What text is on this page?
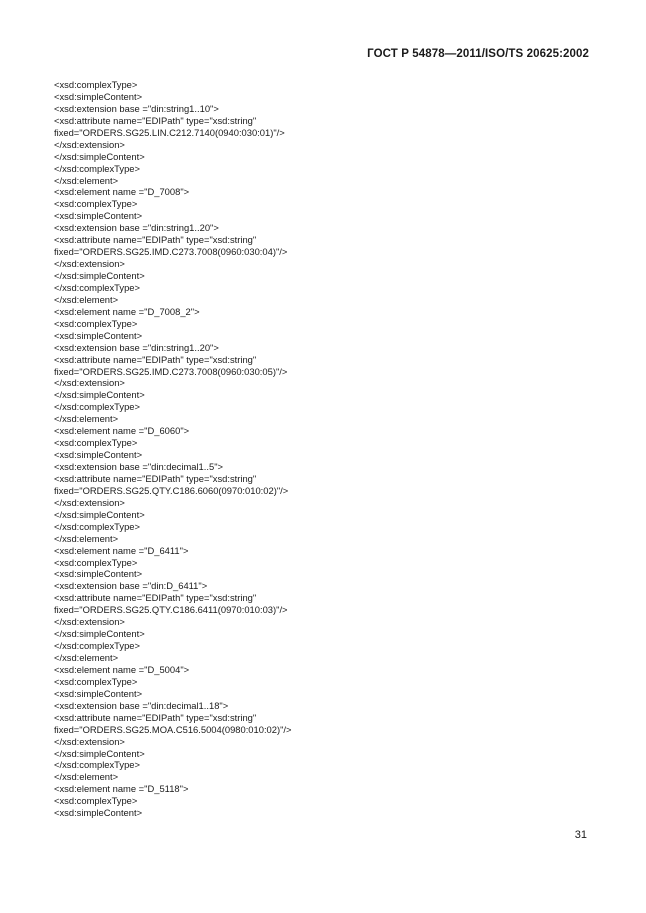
ГОСТ Р 54878—2011/ISO/TS 20625:2002
<xsd:complexType>
<xsd:simpleContent>
<xsd:extension base ="din:string1..10">
<xsd:attribute name="EDIPath" type="xsd:string"
fixed="ORDERS.SG25.LIN.C212.7140(0940:030:01)"/>
</xsd:extension>
</xsd:simpleContent>
</xsd:complexType>
</xsd:element>
<xsd:element name ="D_7008">
<xsd:complexType>
<xsd:simpleContent>
<xsd:extension base ="din:string1..20">
<xsd:attribute name="EDIPath" type="xsd:string"
fixed="ORDERS.SG25.IMD.C273.7008(0960:030:04)"/>
</xsd:extension>
</xsd:simpleContent>
</xsd:complexType>
</xsd:element>
<xsd:element name ="D_7008_2">
<xsd:complexType>
<xsd:simpleContent>
<xsd:extension base ="din:string1..20">
<xsd:attribute name="EDIPath" type="xsd:string"
fixed="ORDERS.SG25.IMD.C273.7008(0960:030:05)"/>
</xsd:extension>
</xsd:simpleContent>
</xsd:complexType>
</xsd:element>
<xsd:element name ="D_6060">
<xsd:complexType>
<xsd:simpleContent>
<xsd:extension base ="din:decimal1..5">
<xsd:attribute name="EDIPath" type="xsd:string"
fixed="ORDERS.SG25.QTY.C186.6060(0970:010:02)"/>
</xsd:extension>
</xsd:simpleContent>
</xsd:complexType>
</xsd:element>
<xsd:element name ="D_6411">
<xsd:complexType>
<xsd:simpleContent>
<xsd:extension base ="din:D_6411">
<xsd:attribute name="EDIPath" type="xsd:string"
fixed="ORDERS.SG25.QTY.C186.6411(0970:010:03)"/>
</xsd:extension>
</xsd:simpleContent>
</xsd:complexType>
</xsd:element>
<xsd:element name ="D_5004">
<xsd:complexType>
<xsd:simpleContent>
<xsd:extension base ="din:decimal1..18">
<xsd:attribute name="EDIPath" type="xsd:string"
fixed="ORDERS.SG25.MOA.C516.5004(0980:010:02)"/>
</xsd:extension>
</xsd:simpleContent>
</xsd:complexType>
</xsd:element>
<xsd:element name ="D_5118">
<xsd:complexType>
<xsd:simpleContent>
31
